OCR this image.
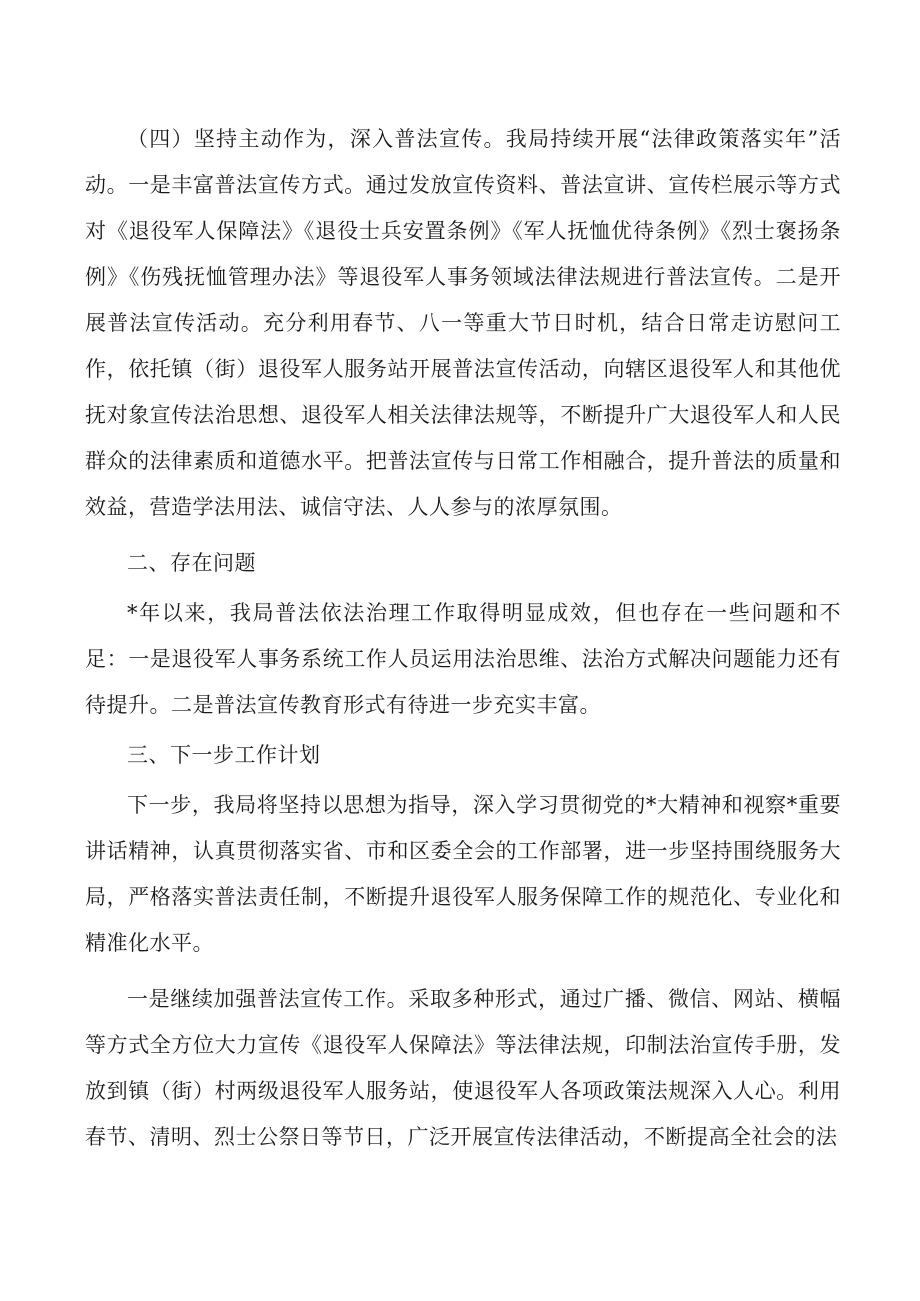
（四）坚持主动作为，深入普法宣传。我局持续开展“法律政策落实年”活动。一是丰富普法宣传方式。通过发放宣传资料、普法宣讲、宣传栏展示等方式对《退役军人保障法》《退役士兵安置条例》《军人抚恤优待条例》《烈士褒扬条例》《伤残抚恤管理办法》等退役军人事务领域法律法规进行普法宣传。二是开展普法宣传活动。充分利用春节、八一等重大节日时机，结合日常走访慰问工作，依托镇（街）退役军人服务站开展普法宣传活动，向辖区退役军人和其他优抚对象宣传法治思想、退役军人相关法律法规等，不断提升广大退役军人和人民群众的法律素质和道德水平。把普法宣传与日常工作相融合，提升普法的质量和效益，营造学法用法、诚信守法、人人参与的浓厚氛围。

二、存在问题

*年以来，我局普法依法治理工作取得明显成效，但也存在一些问题和不足：一是退役军人事务系统工作人员运用法治思维、法治方式解决问题能力还有待提升。二是普法宣传教育形式有待进一步充实丰富。

三、下一步工作计划

下一步，我局将坚持以思想为指导，深入学习贯彻党的*大精神和视察*重要讲话精神，认真贯彻落实省、市和区委全会的工作部署，进一步坚持围绕服务大局，严格落实普法责任制，不断提升退役军人服务保障工作的规范化、专业化和精准化水平。

一是继续加强普法宣传工作。采取多种形式，通过广播、微信、网站、横幅等方式全方位大力宣传《退役军人保障法》等法律法规，印制法治宣传手册，发放到镇（街）村两级退役军人服务站，使退役军人各项政策法规深入人心。利用春节、清明、烈士公祭日等节日，广泛开展宣传法律活动，不断提高全社会的法
